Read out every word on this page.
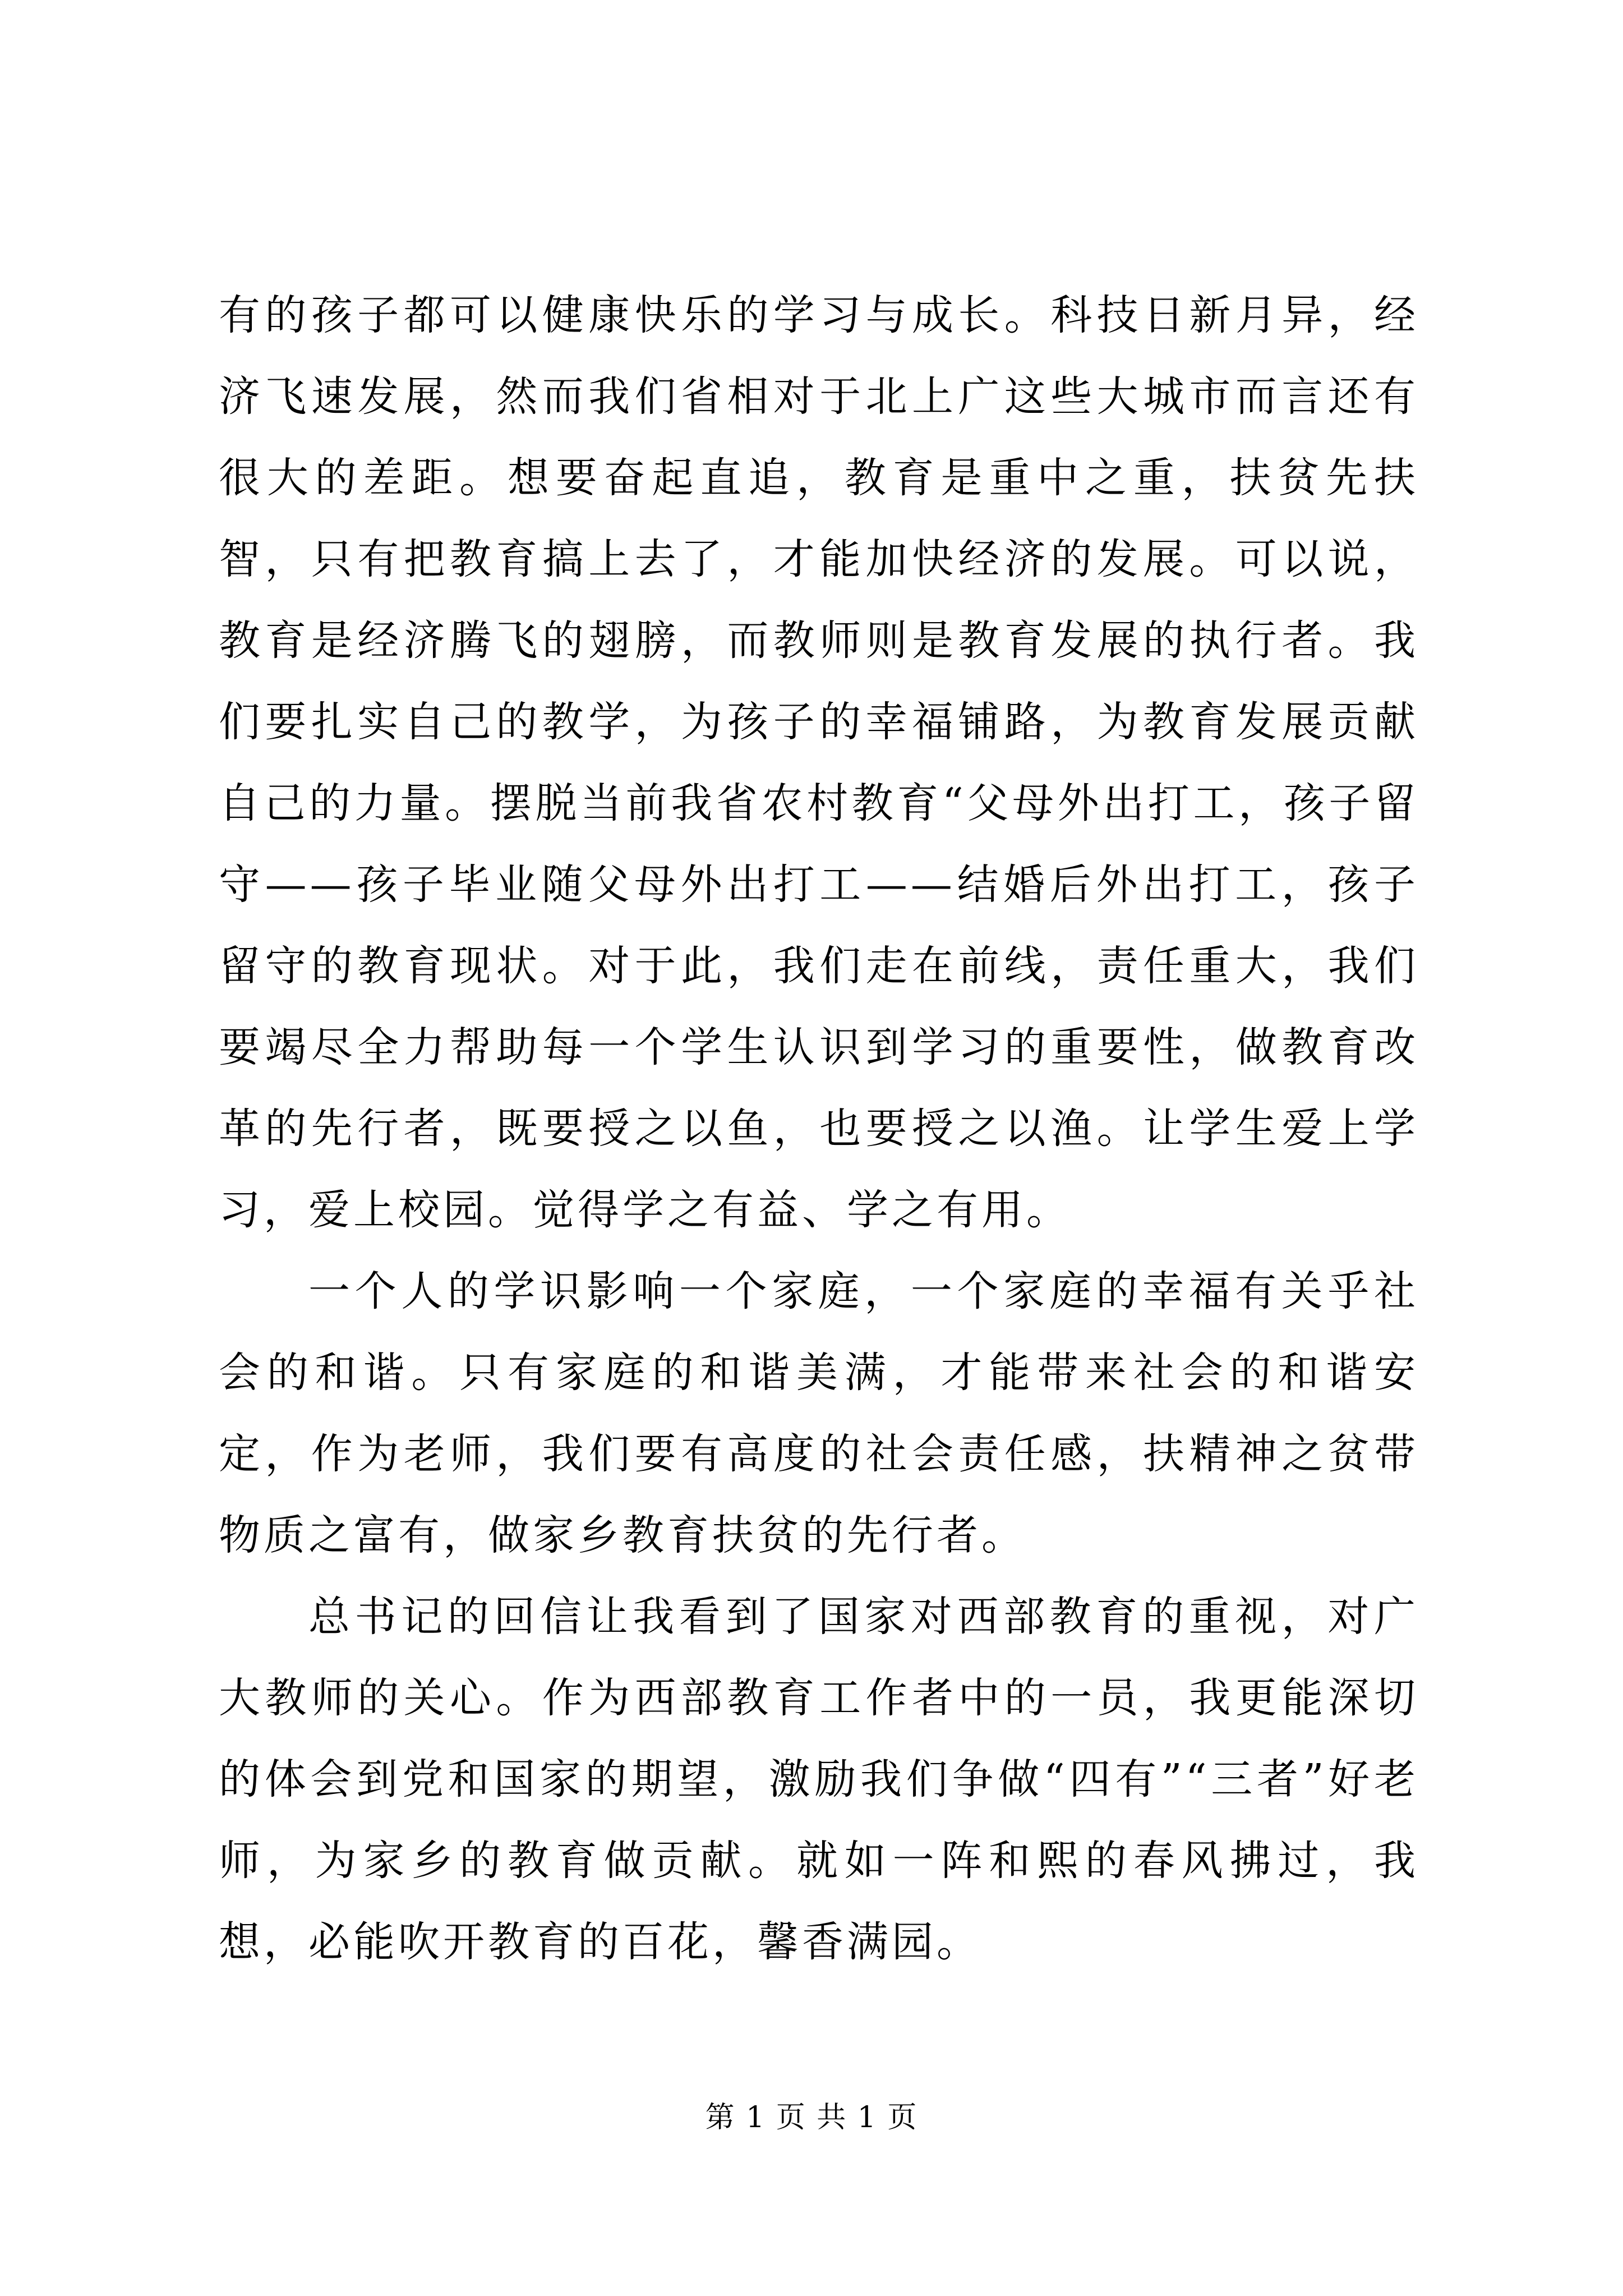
有的孩子都可以健康快乐的学习与成长。科技日新月异，经济飞速发展，然而我们省相对于北上广这些大城市而言还有很大的差距。想要奋起直追，教育是重中之重，扶贫先扶智，只有把教育搞上去了，才能加快经济的发展。可以说，教育是经济腾飞的翅膀，而教师则是教育发展的执行者。我们要扎实自己的教学，为孩子的幸福铺路，为教育发展贡献自己的力量。摆脱当前我省农村教育“父母外出打工，孩子留守——孩子毕业随父母外出打工——结婚后外出打工，孩子留守的教育现状。对于此，我们走在前线，责任重大，我们要竭尽全力帮助每一个学生认识到学习的重要性，做教育改革的先行者，既要授之以鱼，也要授之以渔。让学生爱上学习，爱上校园。觉得学之有益、学之有用。

一个人的学识影响一个家庭，一个家庭的幸福有关乎社会的和谐。只有家庭的和谐美满，才能带来社会的和谐安定，作为老师，我们要有高度的社会责任感，扶精神之贫带物质之富有，做家乡教育扶贫的先行者。

总书记的回信让我看到了国家对西部教育的重视，对广大教师的关心。作为西部教育工作者中的一员，我更能深切的体会到党和国家的期望，激励我们争做“四有”“三者”好老师，为家乡的教育做贡献。就如一阵和熙的春风拂过，我想，必能吹开教育的百花，馨香满园。

第 1 页 共 1 页
